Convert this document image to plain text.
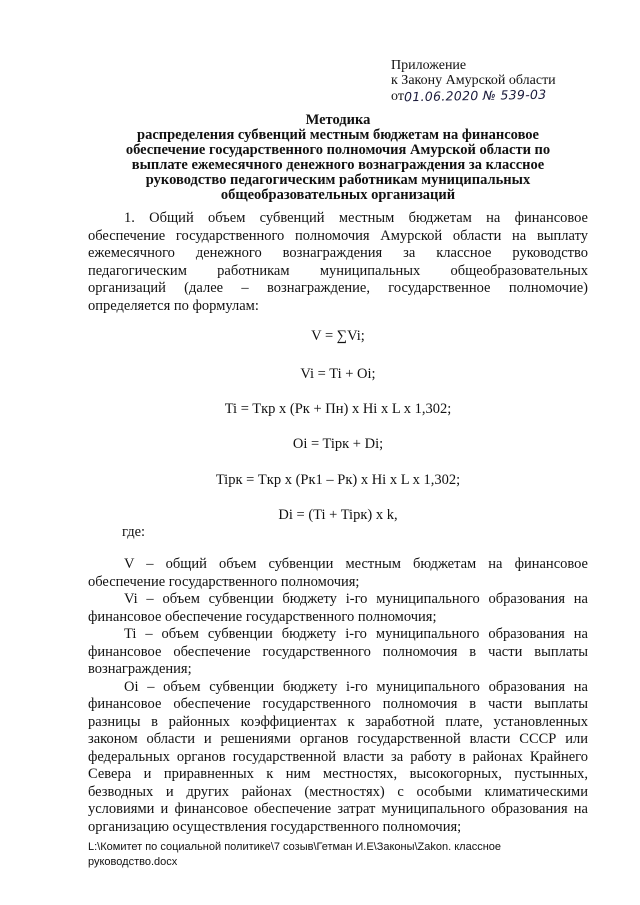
Приложение
к Закону Амурской области
от01.06.2020 № 539-03
Методика
распределения субвенций местным бюджетам на финансовое
обеспечение государственного полномочия Амурской области по
выплате ежемесячного денежного вознаграждения за классное
руководство педагогическим работникам муниципальных
общеобразовательных организаций

1. Общий объем субвенций местным бюджетам на финансовое обеспечение государственного полномочия Амурской области на выплату ежемесячного денежного вознаграждения за классное руководство педагогическим работникам муниципальных общеобразовательных организаций (далее – вознаграждение, государственное полномочие) определяется по формулам:

V = ∑Vi;
Vi = Ti + Oi;
Ti = Tкр x (Pк + Пн) x Hi x L x 1,302;
Oi = Tiрк + Di;
Tiрк = Tкр x (Pк1 – Pк) x Hi x L x 1,302;
Di = (Ti + Tiрк) x k,
где:

V – общий объем субвенции местным бюджетам на финансовое обеспечение государственного полномочия;

Vi – объем субвенции бюджету i-го муниципального образования на финансовое обеспечение государственного полномочия;

Ti – объем субвенции бюджету i-го муниципального образования на финансовое обеспечение государственного полномочия в части выплаты вознаграждения;

Oi – объем субвенции бюджету i-го муниципального образования на финансовое обеспечение государственного полномочия в части выплаты разницы в районных коэффициентах к заработной плате, установленных законом области и решениями органов государственной власти СССР или федеральных органов государственной власти за работу в районах Крайнего Севера и приравненных к ним местностях, высокогорных, пустынных, безводных и других районах (местностях) с особыми климатическими условиями и финансовое обеспечение затрат муниципального образования на организацию осуществления государственного полномочия;

L:\Комитет по социальной политике\7 созыв\Гетман И.Е\Законы\Zakon. классное руководство.docx
